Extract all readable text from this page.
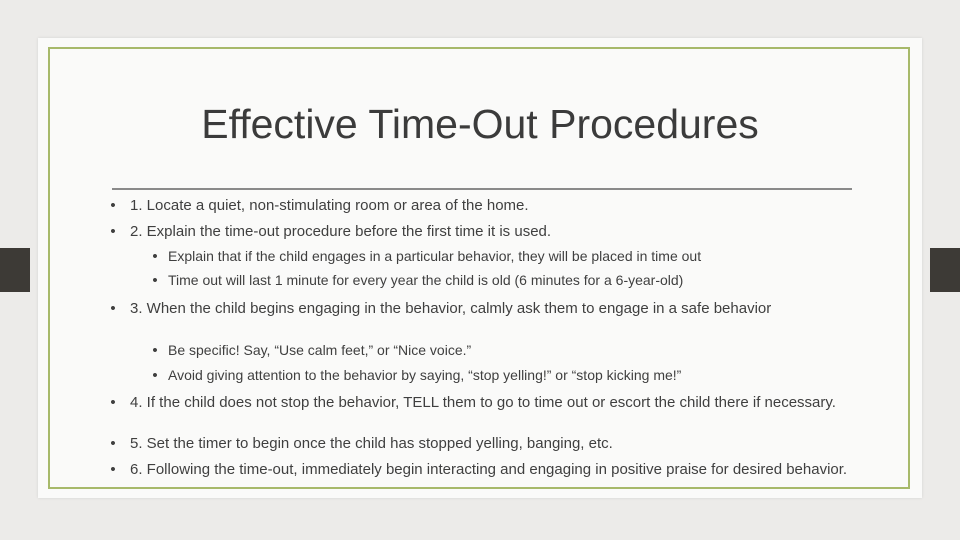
Effective Time-Out Procedures

• 1. Locate a quiet, non-stimulating room or area of the home.

• 2. Explain the time-out procedure before the first time it is used.

• Explain that if the child engages in a particular behavior, they will be placed in time out

• Time out will last 1 minute for every year the child is old (6 minutes for a 6-year-old)

• 3. When the child begins engaging in the behavior, calmly ask them to engage in a safe behavior

• Be specific! Say, “Use calm feet,” or “Nice voice.”

• Avoid giving attention to the behavior by saying, “stop yelling!” or “stop kicking me!”

• 4. If the child does not stop the behavior, TELL them to go to time out or escort the child there if necessary.

• 5. Set the timer to begin once the child has stopped yelling, banging, etc.

• 6. Following the time-out, immediately begin interacting and engaging in positive praise for desired behavior.
